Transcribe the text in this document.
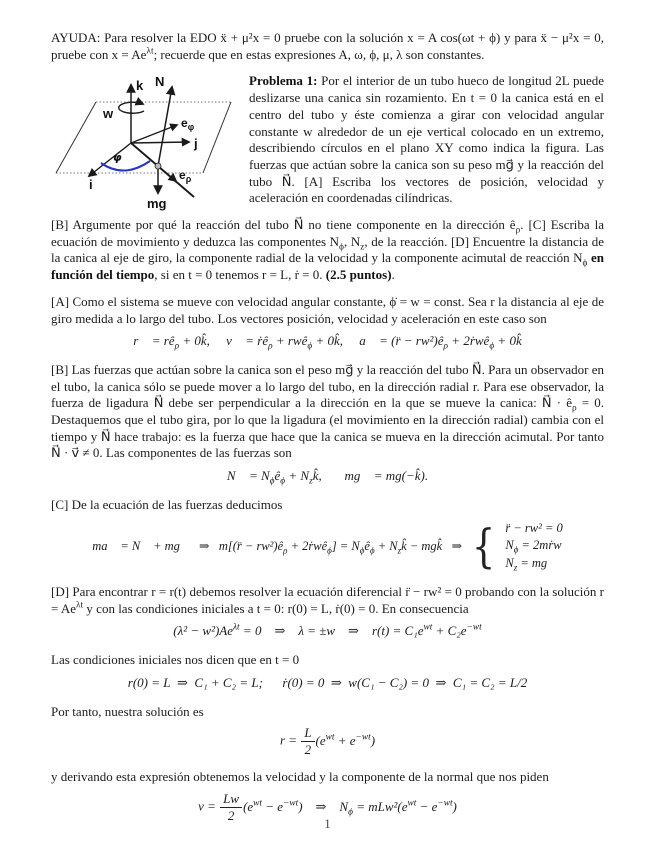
AYUDA: Para resolver la EDO ẍ + μ²x = 0 pruebe con la solución x = A cos(ωt + ϕ) y para ẍ − μ²x = 0, pruebe con $x = Ae^{\lambda t}$; recuerde que en estas expresiones A, ω, ϕ, μ, λ son constantes.

k N
w
j
i
φ
$e_\varphi$
$e_\rho$
mg

Problema 1: Por el interior de un tubo hueco de longitud 2L puede deslizarse una canica sin rozamiento. En t = 0 la canica está en el centro del tubo y éste comienza a girar con velocidad angular constante w alrededor de un eje vertical colocado en un extremo, describiendo círculos en el plano XY como indica la figura. Las fuerzas que actúan sobre la canica son su peso mg⃗ y la reacción del tubo N⃗. [A] Escriba los vectores de posición, velocidad y aceleración en coordenadas cilíndricas.

[B] Argumente por qué la reacción del tubo N⃗ no tiene componente en la dirección $ê_\rho$. [C] Escriba la ecuación de movimiento y deduzca las componentes $N_\phi$, $N_z$, de la reacción. [D] Encuentre la distancia de la canica al eje de giro, la componente radial de la velocidad y la componente acimutal de reacción $N_\phi$ en función del tiempo, si en t = 0 tenemos r = L, ṙ = 0. (2.5 puntos).

[A] Como el sistema se mueve con velocidad angular constante, ϕ̇ = w = const. Sea r la distancia al eje de giro medida a lo largo del tubo. Los vectores posición, velocidad y aceleración en este caso son

r⃗ = $rê_\rho$ + 0k̂,  v⃗ = ṙê$_\rho$ + rwê$_\phi$ + 0k̂,  a⃗ = (r̈ − $rw^2)ê_\rho$ + 2ṙwê$_\phi$ + 0k̂

[B] Las fuerzas que actúan sobre la canica son el peso mg⃗ y la reacción del tubo N⃗. Para un observador en el tubo, la canica sólo se puede mover a lo largo del tubo, en la dirección radial r. Para ese observador, la fuerza de ligadura N⃗ debe ser perpendicular a la dirección en la que se mueve la canica: N⃗ · $ê_\rho = 0$. Destaquemos que el tubo gira, por lo que la ligadura (el movimiento en la dirección radial) cambia con el tiempo y N⃗ hace trabajo: es la fuerza que hace que la canica se mueva en la dirección acimutal. Por tanto N⃗ · v⃗ ≠ 0. Las componentes de las fuerzas son

N⃗ = $N_\phi ê_\phi$ + $N_zk̂$,   mg⃗ = mg(−k̂).

[C] De la ecuación de las fuerzas deducimos

ma⃗ = N⃗ + mg⃗  ⇒  m[(r̈ − $rw^2)ê_\rho$ + 2ṙwê$_\phi$] = $N_\phi ê_\phi$ + $N_zk̂$ − mgk̂  ⇒ { r̈ − rw² = 0
$N_\phi$ = 2mṙw
$N_z$ = mg

[D] Para encontrar r = r(t) debemos resolver la ecuación diferencial r̈ − rw² = 0 probando con la solución $r = Ae^{\lambda t}$ y con las condiciones iniciales a t = 0: r(0) = L, ṙ(0) = 0. En consecuencia

$(\lambda^2 - w^2)Ae^{\lambda t} = 0$ ⇒ λ = ±w ⇒ $r(t) = C_1e^{wt} + C_2e^{-wt}$

Las condiciones iniciales nos dicen que en t = 0

r(0) = L ⇒ C₁ + C₂ = L;  ṙ(0) = 0 ⇒ w(C₁ − C₂) = 0 ⇒ C₁ = C₂ = L/2

Por tanto, nuestra solución es

$r = \frac{L}{2} (e^{wt} + e^{-wt})$

y derivando esta expresión obtenemos la velocidad y la componente de la normal que nos piden

$v = \frac{Lw}{2} (e^{wt} - e^{-wt})$ ⇒ $N_\phi = mLw^2(e^{wt} - e^{-wt})$
1
